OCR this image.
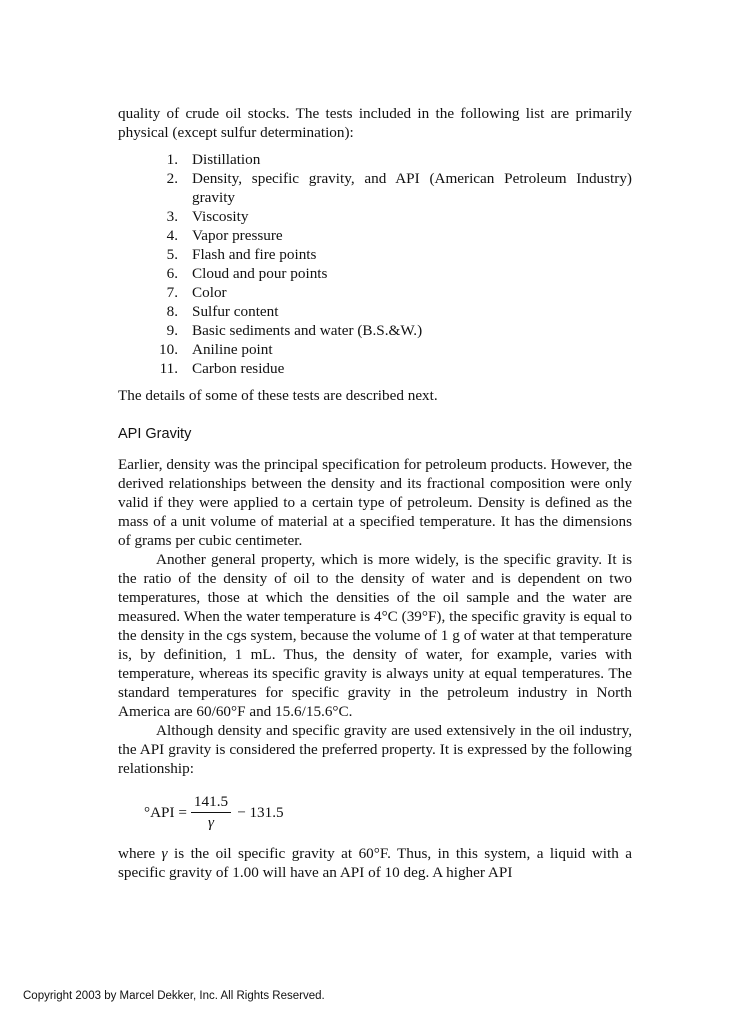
quality of crude oil stocks. The tests included in the following list are primarily physical (except sulfur determination):

1. Distillation
2. Density, specific gravity, and API (American Petroleum Industry) gravity
3. Viscosity
4. Vapor pressure
5. Flash and fire points
6. Cloud and pour points
7. Color
8. Sulfur content
9. Basic sediments and water (B.S.&W.)
10. Aniline point
11. Carbon residue

The details of some of these tests are described next.

API Gravity

Earlier, density was the principal specification for petroleum products. However, the derived relationships between the density and its fractional composition were only valid if they were applied to a certain type of petroleum. Density is defined as the mass of a unit volume of material at a specified temperature. It has the dimensions of grams per cubic centimeter.

Another general property, which is more widely, is the specific gravity. It is the ratio of the density of oil to the density of water and is dependent on two temperatures, those at which the densities of the oil sample and the water are measured. When the water temperature is 4°C (39°F), the specific gravity is equal to the density in the cgs system, because the volume of 1 g of water at that temperature is, by definition, 1 mL. Thus, the density of water, for example, varies with temperature, whereas its specific gravity is always unity at equal temperatures. The standard temperatures for specific gravity in the petroleum industry in North America are 60/60°F and 15.6/15.6°C.

Although density and specific gravity are used extensively in the oil industry, the API gravity is considered the preferred property. It is expressed by the following relationship:

$^\circ API = \frac{141.5}{\gamma} - 131.5$

where γ is the oil specific gravity at 60°F. Thus, in this system, a liquid with a specific gravity of 1.00 will have an API of 10 deg. A higher API

Copyright 2003 by Marcel Dekker, Inc. All Rights Reserved.
